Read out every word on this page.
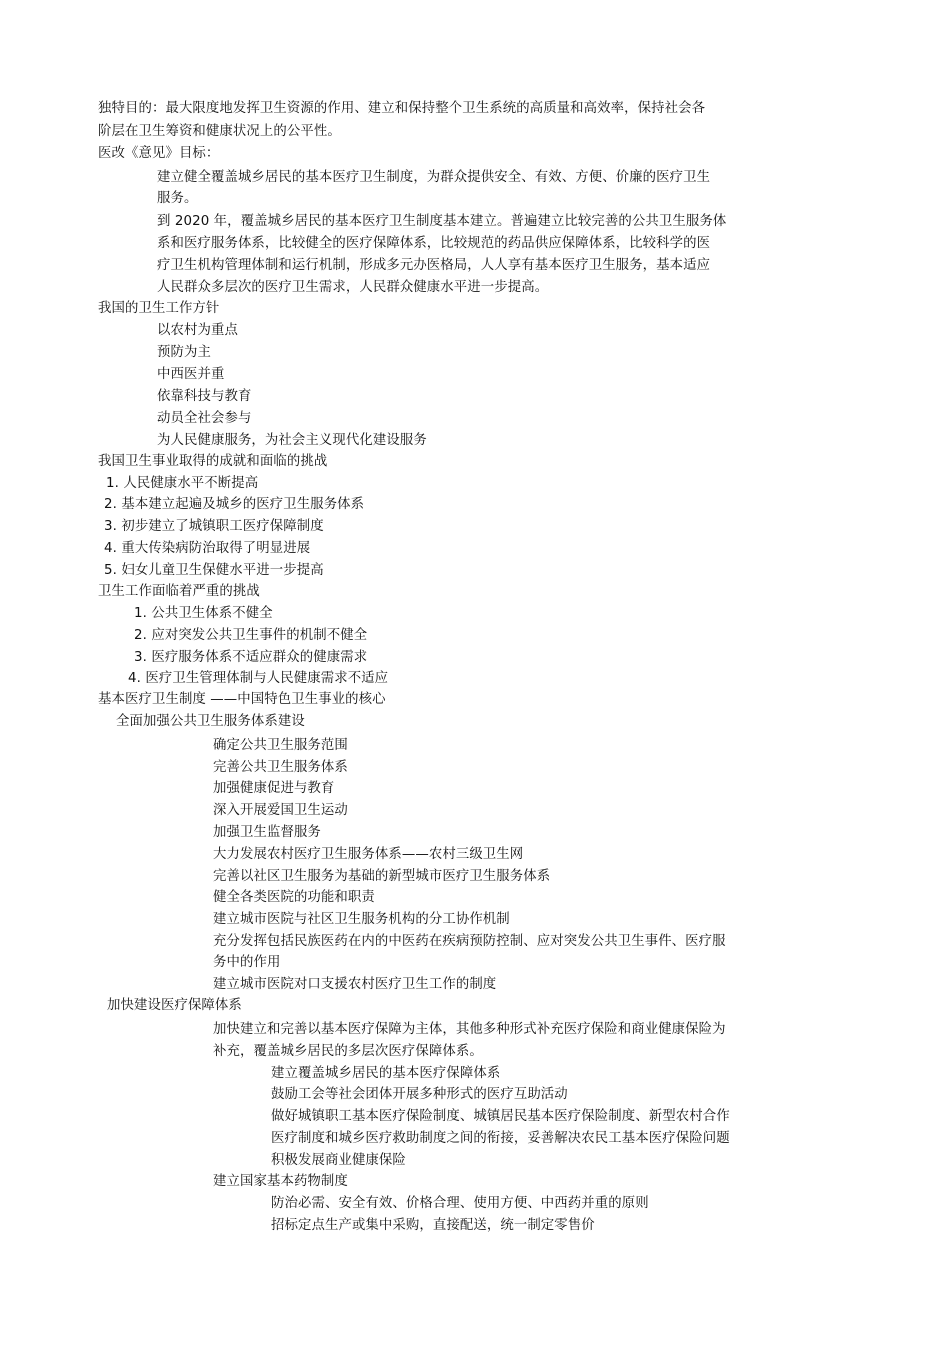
独特目的：最大限度地发挥卫生资源的作用、建立和保持整个卫生系统的高质量和高效率，保持社会各
阶层在卫生筹资和健康状况上的公平性。
医改《意见》目标：
建立健全覆盖城乡居民的基本医疗卫生制度，为群众提供安全、有效、方便、价廉的医疗卫生
服务。
到 2020 年，覆盖城乡居民的基本医疗卫生制度基本建立。普遍建立比较完善的公共卫生服务体
系和医疗服务体系，比较健全的医疗保障体系，比较规范的药品供应保障体系，比较科学的医
疗卫生机构管理体制和运行机制，形成多元办医格局，人人享有基本医疗卫生服务，基本适应
人民群众多层次的医疗卫生需求，人民群众健康水平进一步提高。
我国的卫生工作方针
以农村为重点
预防为主
中西医并重
依靠科技与教育
动员全社会参与
为人民健康服务，为社会主义现代化建设服务
我国卫生事业取得的成就和面临的挑战
1. 人民健康水平不断提高
2. 基本建立起遍及城乡的医疗卫生服务体系
3. 初步建立了城镇职工医疗保障制度
4. 重大传染病防治取得了明显进展
5. 妇女儿童卫生保健水平进一步提高
卫生工作面临着严重的挑战
1. 公共卫生体系不健全
2. 应对突发公共卫生事件的机制不健全
3. 医疗服务体系不适应群众的健康需求
4. 医疗卫生管理体制与人民健康需求不适应
基本医疗卫生制度 ——中国特色卫生事业的核心
全面加强公共卫生服务体系建设
确定公共卫生服务范围
完善公共卫生服务体系
加强健康促进与教育
深入开展爱国卫生运动
加强卫生监督服务
大力发展农村医疗卫生服务体系——农村三级卫生网
完善以社区卫生服务为基础的新型城市医疗卫生服务体系
健全各类医院的功能和职责
建立城市医院与社区卫生服务机构的分工协作机制
充分发挥包括民族医药在内的中医药在疾病预防控制、应对突发公共卫生事件、医疗服
务中的作用
建立城市医院对口支援农村医疗卫生工作的制度
加快建设医疗保障体系
加快建立和完善以基本医疗保障为主体，其他多种形式补充医疗保险和商业健康保险为
补充，覆盖城乡居民的多层次医疗保障体系。
建立覆盖城乡居民的基本医疗保障体系
鼓励工会等社会团体开展多种形式的医疗互助活动
做好城镇职工基本医疗保险制度、城镇居民基本医疗保险制度、新型农村合作
医疗制度和城乡医疗救助制度之间的衔接，妥善解决农民工基本医疗保险问题
积极发展商业健康保险
建立国家基本药物制度
防治必需、安全有效、价格合理、使用方便、中西药并重的原则
招标定点生产或集中采购，直接配送，统一制定零售价
